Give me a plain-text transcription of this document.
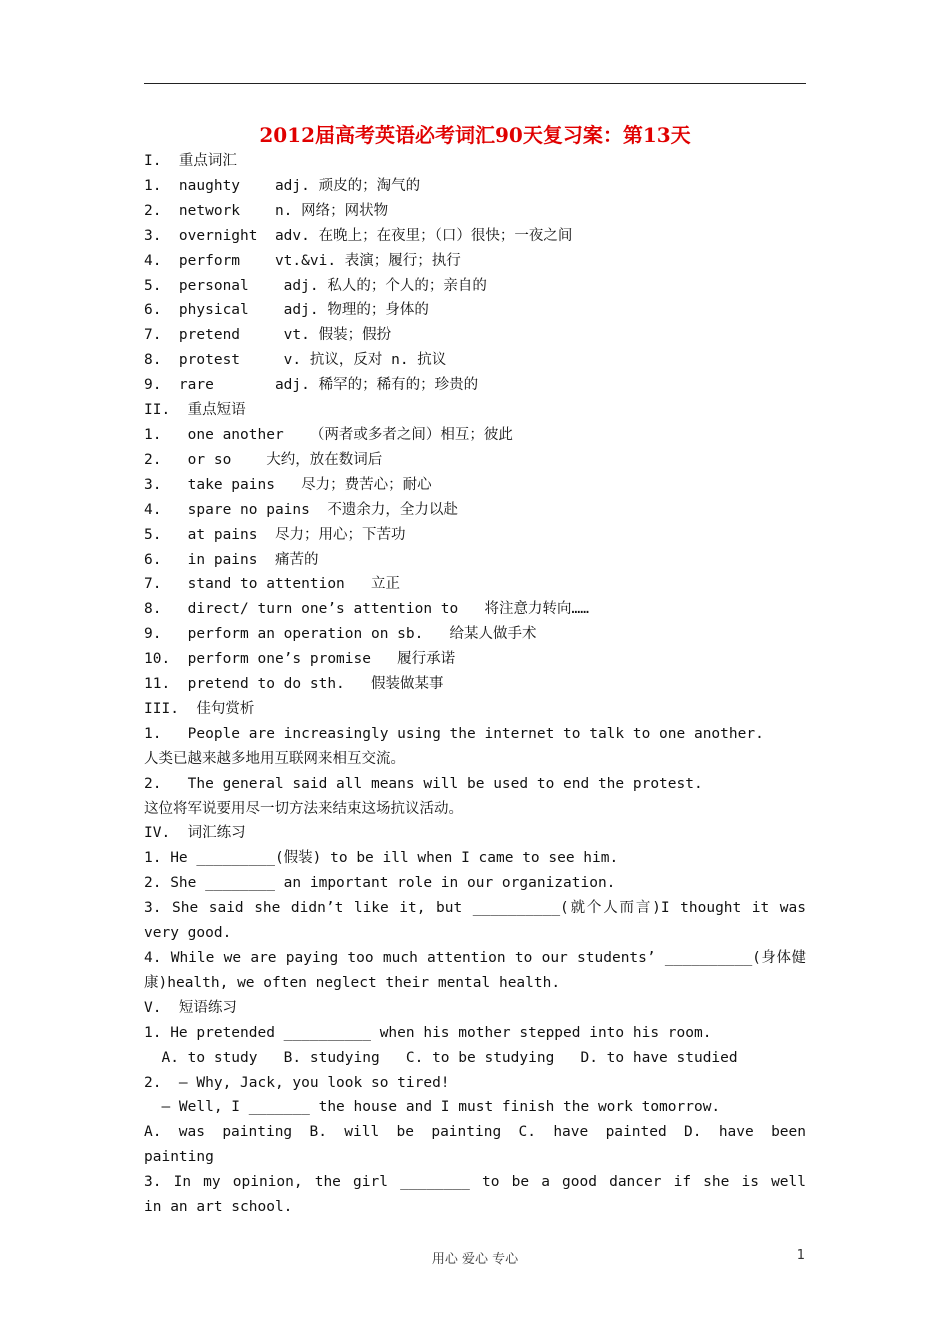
2012届高考英语必考词汇90天复习案：第13天
I.  重点词汇
1.  naughty    adj. 顽皮的；淘气的
2.  network    n. 网络；网状物
3.  overnight  adv. 在晚上；在夜里；（口）很快；一夜之间
4.  perform    vt.&vi. 表演；履行；执行
5.  personal    adj. 私人的；个人的；亲自的
6.  physical    adj. 物理的；身体的
7.  pretend     vt. 假装；假扮
8.  protest     v. 抗议，反对 n. 抗议
9.  rare       adj. 稀罕的；稀有的；珍贵的
II.  重点短语
1.   one another   （两者或多者之间）相互；彼此
2.   or so    大约，放在数词后
3.   take pains   尽力；费苦心；耐心
4.   spare no pains  不遗余力，全力以赴
5.   at pains  尽力；用心；下苦功
6.   in pains  痛苦的
7.   stand to attention   立正
8.   direct/ turn one’s attention to   将注意力转向……
9.   perform an operation on sb.   给某人做手术
10.  perform one’s promise   履行承诺
11.  pretend to do sth.   假装做某事
III.  佳句赏析
1.   People are increasingly using the internet to talk to one another.
人类已越来越多地用互联网来相互交流。
2.   The general said all means will be used to end the protest.
这位将军说要用尽一切方法来结束这场抗议活动。
IV.  词汇练习
1. He _________(假装) to be ill when I came to see him.
2. She ________ an important role in our organization.
3. She said she didn’t like it, but __________(就个人而言)I thought it was
very good.
4. While we are paying too much attention to our students’ __________(身体健
康)health, we often neglect their mental health.
V.  短语练习
1. He pretended __________ when his mother stepped into his room.
A. to study   B. studying   C. to be studying   D. to have studied
2.  – Why, Jack, you look so tired!
– Well, I _______ the house and I must finish the work tomorrow.
A. was painting B. will be painting C. have painted D. have been
painting
3. In my opinion, the girl ________ to be a good dancer if she is well
in an art school.
用心 爱心 专心	1
